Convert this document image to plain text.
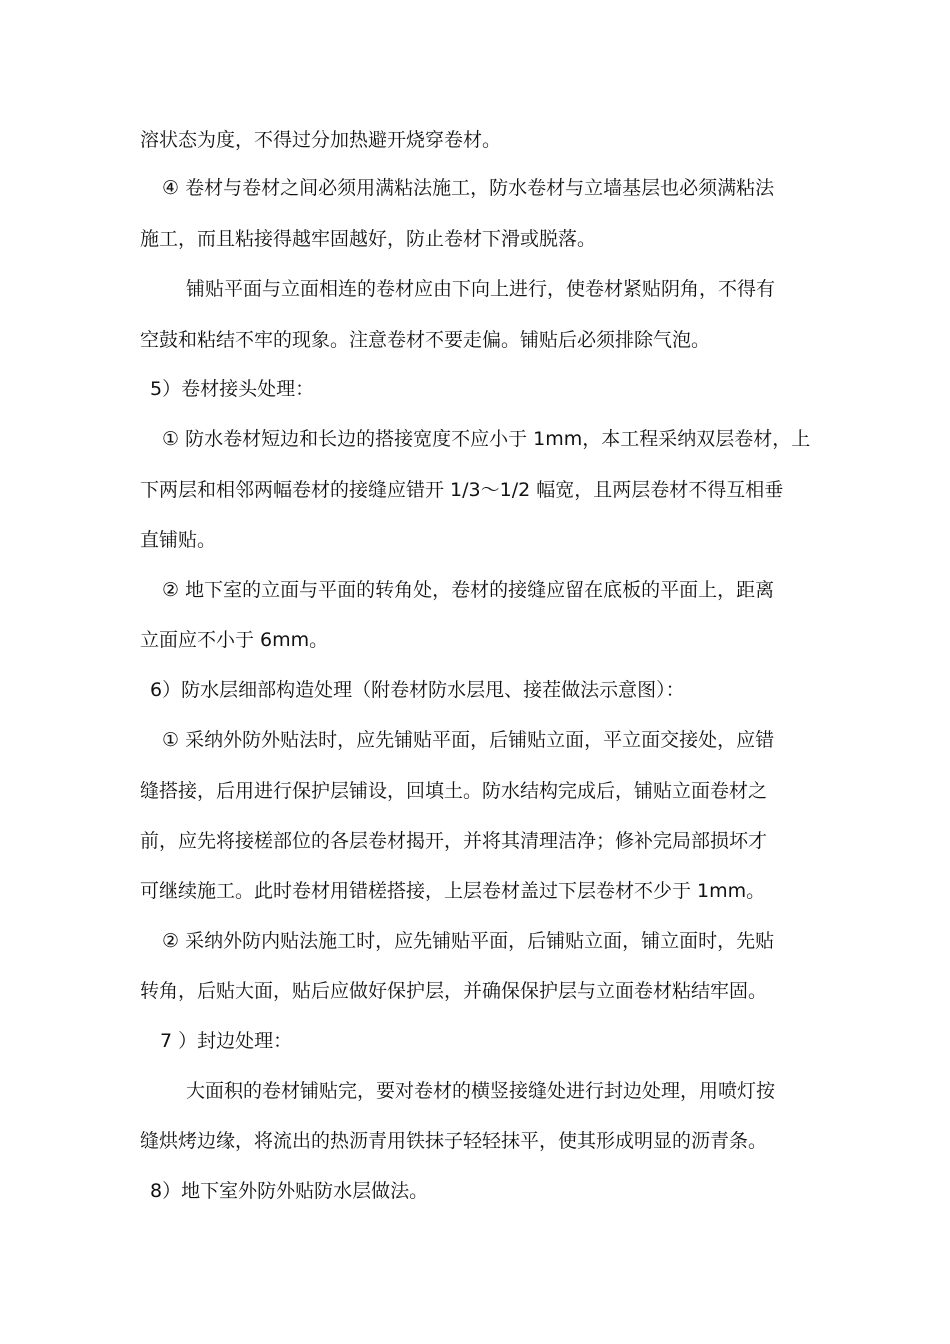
溶状态为度，不得过分加热避开烧穿卷材。
④ 卷材与卷材之间必须用满粘法施工，防水卷材与立墙基层也必须满粘法
施工，而且粘接得越牢固越好，防止卷材下滑或脱落。
铺贴平面与立面相连的卷材应由下向上进行，使卷材紧贴阴角，不得有
空鼓和粘结不牢的现象。注意卷材不要走偏。铺贴后必须排除气泡。
5）卷材接头处理：
① 防水卷材短边和长边的搭接宽度不应小于 1mm，本工程采纳双层卷材，上
下两层和相邻两幅卷材的接缝应错开 1/3～1/2 幅宽，且两层卷材不得互相垂
直铺贴。
② 地下室的立面与平面的转角处，卷材的接缝应留在底板的平面上，距离
立面应不小于 6mm。
6）防水层细部构造处理（附卷材防水层甩、接茬做法示意图）：
① 采纳外防外贴法时，应先铺贴平面，后铺贴立面，平立面交接处，应错
缝搭接，后用进行保护层铺设，回填土。防水结构完成后，铺贴立面卷材之
前，应先将接槎部位的各层卷材揭开，并将其清理洁净；修补完局部损坏才
可继续施工。此时卷材用错槎搭接，上层卷材盖过下层卷材不少于 1mm。
② 采纳外防内贴法施工时，应先铺贴平面，后铺贴立面，铺立面时，先贴
转角，后贴大面，贴后应做好保护层，并确保保护层与立面卷材粘结牢固。
7 ）封边处理：
大面积的卷材铺贴完，要对卷材的横竖接缝处进行封边处理，用喷灯按
缝烘烤边缘，将流出的热沥青用铁抹子轻轻抹平，使其形成明显的沥青条。
8）地下室外防外贴防水层做法。
